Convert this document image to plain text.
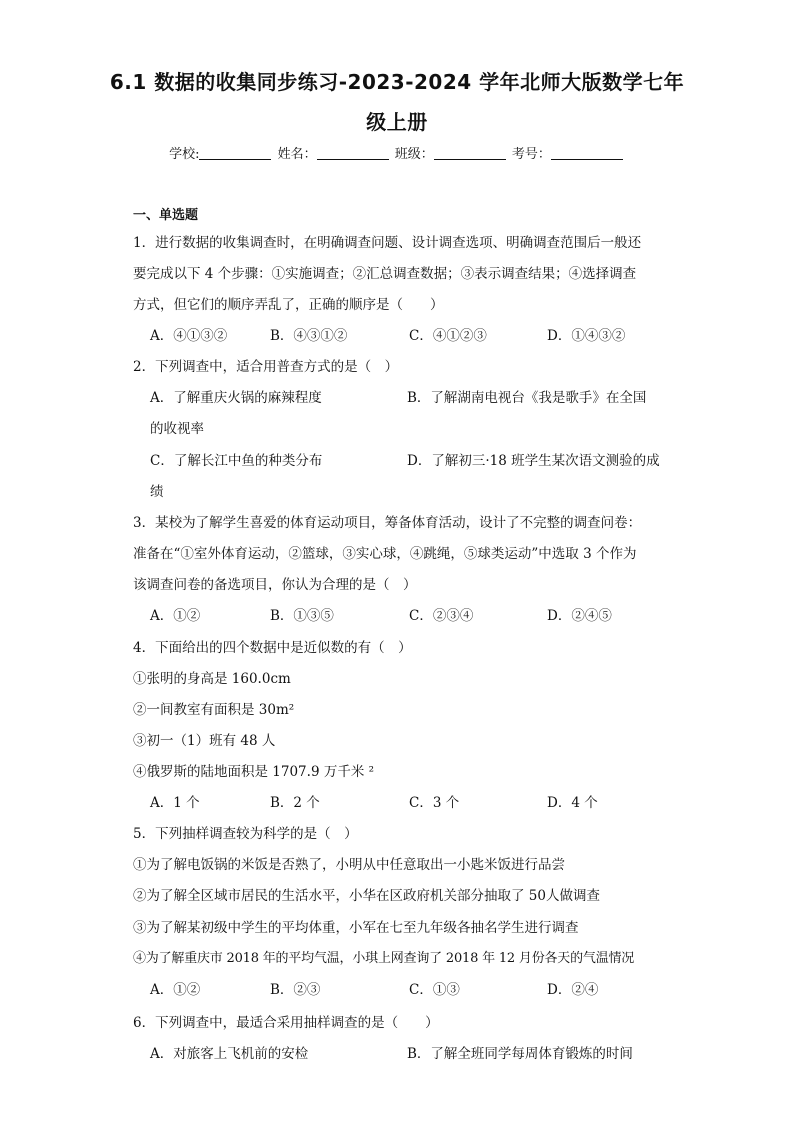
6.1 数据的收集同步练习-2023-2024 学年北师大版数学七年
级上册
学校:	姓名：	班级：	考号：
一、单选题
1．进行数据的收集调查时，在明确调查问题、设计调查选项、明确调查范围后一般还
要完成以下 4 个步骤：①实施调查；②汇总调查数据；③表示调查结果；④选择调查
方式，但它们的顺序弄乱了，正确的顺序是（　　）
A．④①③②	B．④③①②	C．④①②③	D．①④③②
2．下列调查中，适合用普查方式的是（　）
A．了解重庆火锅的麻辣程度	B．了解湖南电视台《我是歌手》在全国
的收视率
C．了解长江中鱼的种类分布	D．了解初三·18 班学生某次语文测验的成
绩
3．某校为了解学生喜爱的体育运动项目，筹备体育活动，设计了不完整的调查问卷：
准备在“①室外体育运动，②篮球，③实心球，④跳绳，⑤球类运动”中选取 3 个作为
该调查问卷的备选项目，你认为合理的是（　）
A．①②	B．①③⑤	C．②③④	D．②④⑤
4．下面给出的四个数据中是近似数的有（　）
①张明的身高是 160.0cm
②一间教室有面积是 30m²
③初一（1）班有 48 人
④俄罗斯的陆地面积是 1707.9 万千米 ²
A．1 个	B．2 个	C．3 个	D．4 个
5．下列抽样调查较为科学的是（　）
①为了解电饭锅的米饭是否熟了，小明从中任意取出一小匙米饭进行品尝
②为了解全区域市居民的生活水平，小华在区政府机关部分抽取了 50人做调查
③为了解某初级中学生的平均体重，小军在七至九年级各抽名学生进行调查
④为了解重庆市 2018 年的平均气温，小琪上网查询了 2018 年 12 月份各天的气温情况
A．①②	B．②③	C．①③	D．②④
6．下列调查中，最适合采用抽样调查的是（　　）
A．对旅客上飞机前的安检	B．了解全班同学每周体育锻炼的时间
